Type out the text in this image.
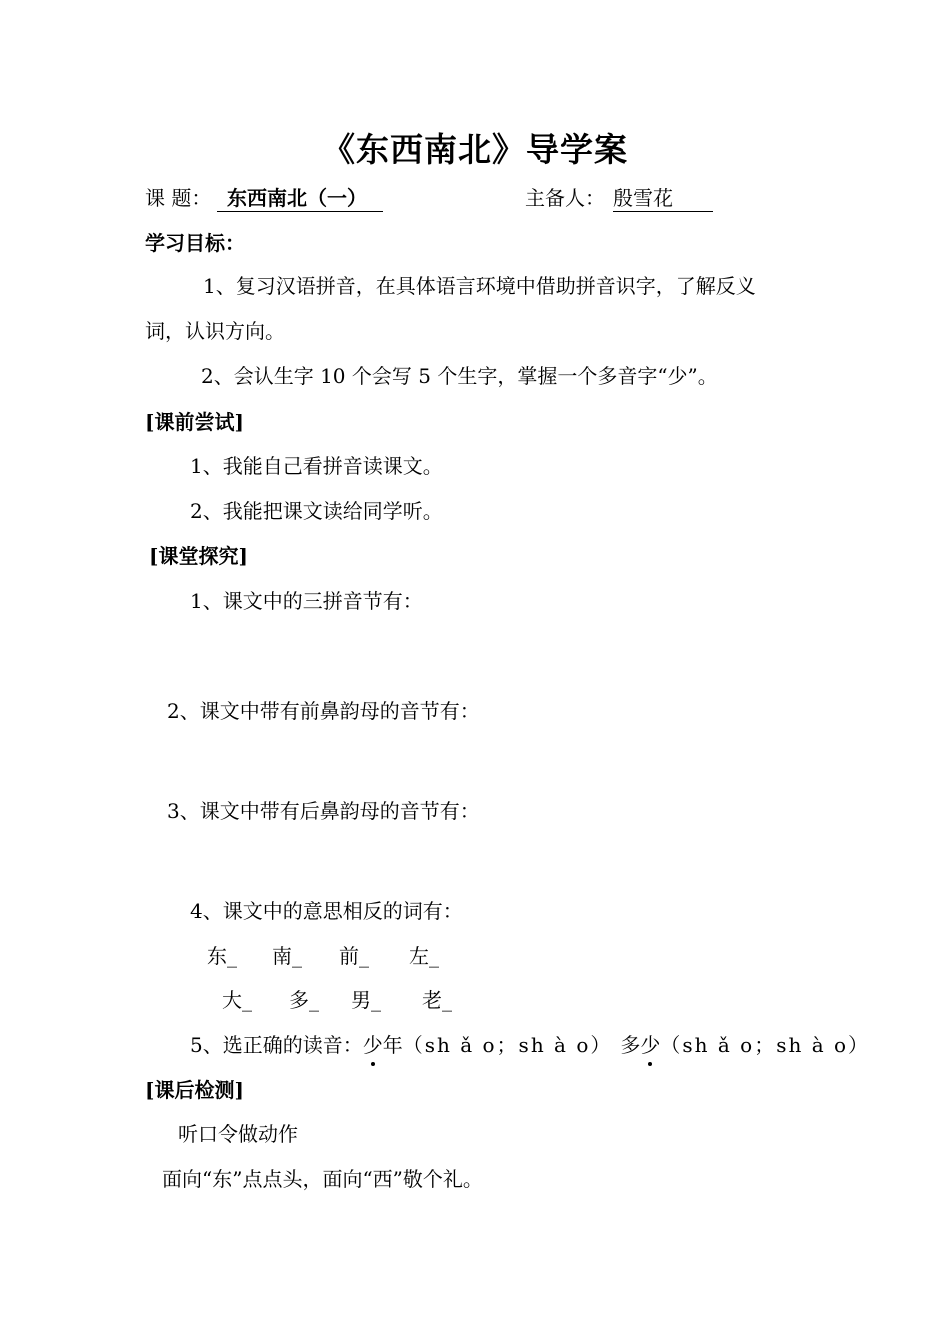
《东西南北》导学案
课 题： 东西南北（一）	主备人： 殷雪花
学习目标：
1、复习汉语拼音，在具体语言环境中借助拼音识字，了解反义
词，认识方向。
2、会认生字 10 个会写 5 个生字，掌握一个多音字“少”。
[课前尝试]
1、我能自己看拼音读课文。
2、我能把课文读给同学听。
[课堂探究]
1、课文中的三拼音节有：
2、课文中带有前鼻韵母的音节有：
3、课文中带有后鼻韵母的音节有：
4、课文中的意思相反的词有：
东_ 南_ 前_ 左_
大_ 多_ 男_ 老_
5、选正确的读音：少年（sh ǎ o；sh à o） 多少（sh ǎ o；sh à o）
[课后检测]
听口令做动作
面向“东”点点头，面向“西”敬个礼。
